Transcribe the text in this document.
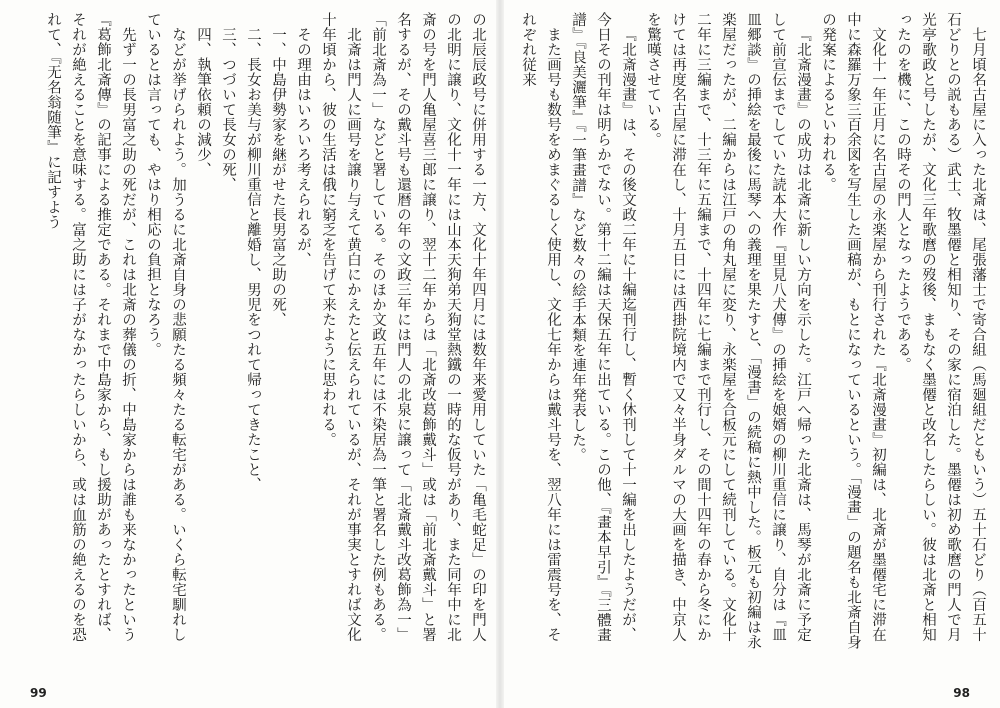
の北辰辰政号に併用する一方、文化十年四月には数年来愛用していた「亀毛蛇足」の印を門人の北明に譲り、文化十一年には山本天狗弟天狗堂熱鐵の一時的な仮号があり、また同年中に北斎の号を門人亀屋喜三郎に譲り、翌十二年からは「北斎改葛飾戴斗」或は「前北斎戴斗」と署名するが、その戴斗号も還暦の年の文政三年には門人の北泉に譲って「北斎戴斗改葛飾為一」「前北斎為一」などと署している。そのほか文政五年には不染居為一筆と署名した例もある。

北斎は門人に画号を譲り与えて黄白にかえたと伝えられているが、それが事実とすれば文化十年頃から、彼の生活は俄に窮乏を告げて来たように思われる。

その理由はいろいろ考えられるが、

一、中島伊勢家を継がせた長男富之助の死、

二、長女お美与が柳川重信と離婚し、男児をつれて帰ってきたこと、

三、つづいて長女の死、

四、執筆依頼の減少、

などが挙げられよう。加うるに北斎自身の悲願たる頻々たる転宅がある。いくら転宅馴れしているとは言っても、やはり相応の負担となろう。

先ず一の長男富之助の死だが、これは北斎の葬儀の折、中島家からは誰も来なかったという『葛飾北斎傳』の記事による推定である。それまで中島家から、もし援助があったとすれば、それが絶えることを意味する。富之助には子がなかったらしいから、或は血筋の絶えるのを恐れて、『无名翁随筆』に記すよう

99

七月頃名古屋に入った北斎は、尾張藩士で寄合組（馬廻組だともいう）五十石どり（百五十石どりとの説もある）武士、牧墨僊と相知り、その家に宿泊した。墨僊は初め歌麿の門人で月光亭歌政と号したが、文化三年歌麿の歿後、まもなく墨僊と改名したらしい。彼は北斎と相知ったのを機に、この時その門人となったようである。

文化十一年正月に名古屋の永楽屋から刊行された『北斎漫畫』初編は、北斎が墨僊宅に滞在中に森羅万象三百余図を写生した画稿が、もとになっているという。「漫畫」の題名も北斎自身の発案によるといわれる。

『北斎漫畫』の成功は北斎に新しい方向を示した。江戸へ帰った北斎は、馬琴が北斎に予定して前宣伝までしていた読本大作『里見八犬傳』の挿絵を娘婿の柳川重信に譲り、自分は『皿皿郷談』の挿絵を最後に馬琴への義理を果たすと、「漫書」の続稿に熱中した。板元も初編は永楽屋だったが、二編からは江戸の角丸屋に変り、永楽屋を合板元にして続刊している。文化十二年に三編まで、十三年に五編まで、十四年に七編まで刊行し、その間十四年の春から冬にかけては再度名古屋に滞在し、十月五日には西掛院境内で又々半身ダルマの大画を描き、中京人を驚嘆させている。

『北斎漫畫』は、その後文政二年に十編迄刊行し、暫く休刊して十一編を出したようだが、今日その刊年は明らかでない。第十二編は天保五年に出ている。この他、『畫本早引』『三體畫譜』『良美灑筆』『一筆畫譜』など数々の絵手本類を連年発表した。

また画号も数号をめまぐるしく使用し、文化七年からは戴斗号を、翌八年には雷震号を、それぞれ従来

98
